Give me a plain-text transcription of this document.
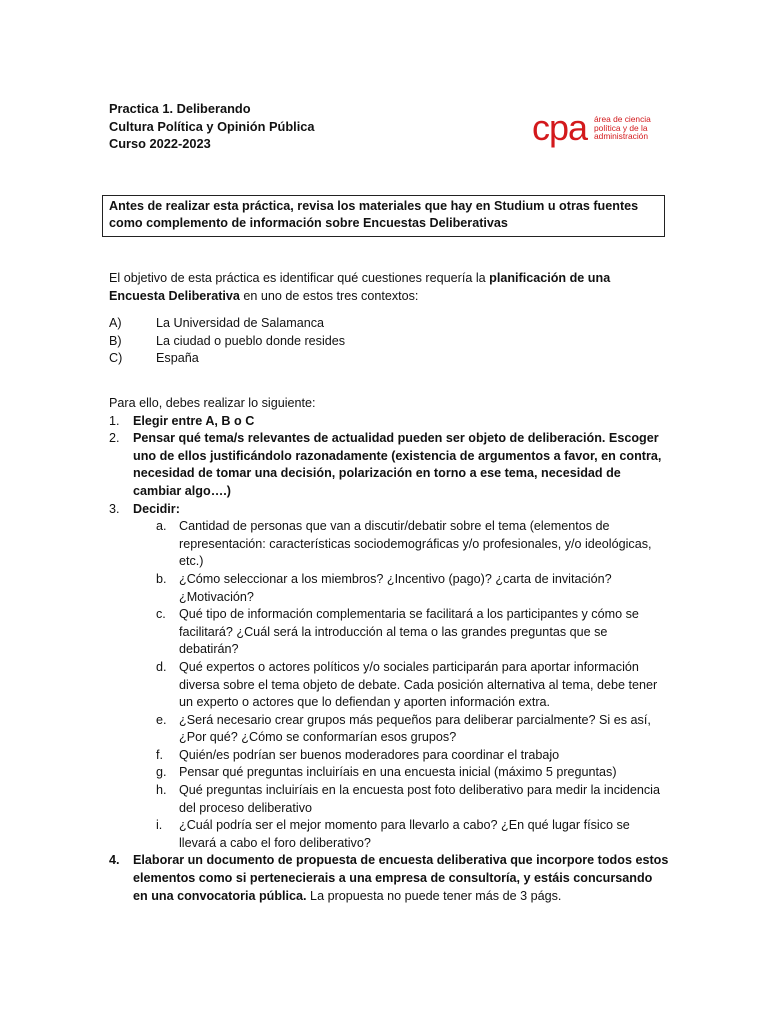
Practica 1. Deliberando
Cultura Política y Opinión Pública
Curso 2022-2023	cpa área de ciencia
política y de la
administración
Antes de realizar esta práctica, revisa los materiales que hay en Studium u otras fuentes como complemento de información sobre Encuestas Deliberativas
El objetivo de esta práctica es identificar qué cuestiones requería la planificación de una Encuesta Deliberativa en uno de estos tres contextos:
A)	La Universidad de Salamanca
B)	La ciudad o pueblo donde resides
C)	España
Para ello, debes realizar lo siguiente:
1.	Elegir entre A, B o C
2.	Pensar qué tema/s relevantes de actualidad pueden ser objeto de deliberación. Escoger uno de ellos justificándolo razonadamente (existencia de argumentos a favor, en contra, necesidad de tomar una decisión, polarización en torno a ese tema, necesidad de cambiar algo….)
3.	Decidir:
a. Cantidad de personas que van a discutir/debatir sobre el tema (elementos de representación: características sociodemográficas y/o profesionales, y/o ideológicas, etc.)
b. ¿Cómo seleccionar a los miembros? ¿Incentivo (pago)? ¿carta de invitación? ¿Motivación?
c.	Qué tipo de información complementaria se facilitará a los participantes y cómo se facilitará? ¿Cuál será la introducción al tema o las grandes preguntas que se debatirán?
d. Qué expertos o actores políticos y/o sociales participarán para aportar información diversa sobre el tema objeto de debate. Cada posición alternativa al tema, debe tener un experto o actores que lo defiendan y aporten información extra.
e. ¿Será necesario crear grupos más pequeños para deliberar parcialmente? Si es así, ¿Por qué? ¿Cómo se conformarían esos grupos?
f.	Quién/es podrían ser buenos moderadores para coordinar el trabajo
g. Pensar qué preguntas incluiríais en una encuesta inicial (máximo 5 preguntas)
h. Qué preguntas incluiríais en la encuesta post foto deliberativo para medir la incidencia del proceso deliberativo
i.	¿Cuál podría ser el mejor momento para llevarlo a cabo? ¿En qué lugar físico se llevará a cabo el foro deliberativo?
4.	Elaborar un documento de propuesta de encuesta deliberativa que incorpore todos estos elementos como si pertenecierais a una empresa de consultoría, y estáis concursando en una convocatoria pública. La propuesta no puede tener más de 3 págs.
